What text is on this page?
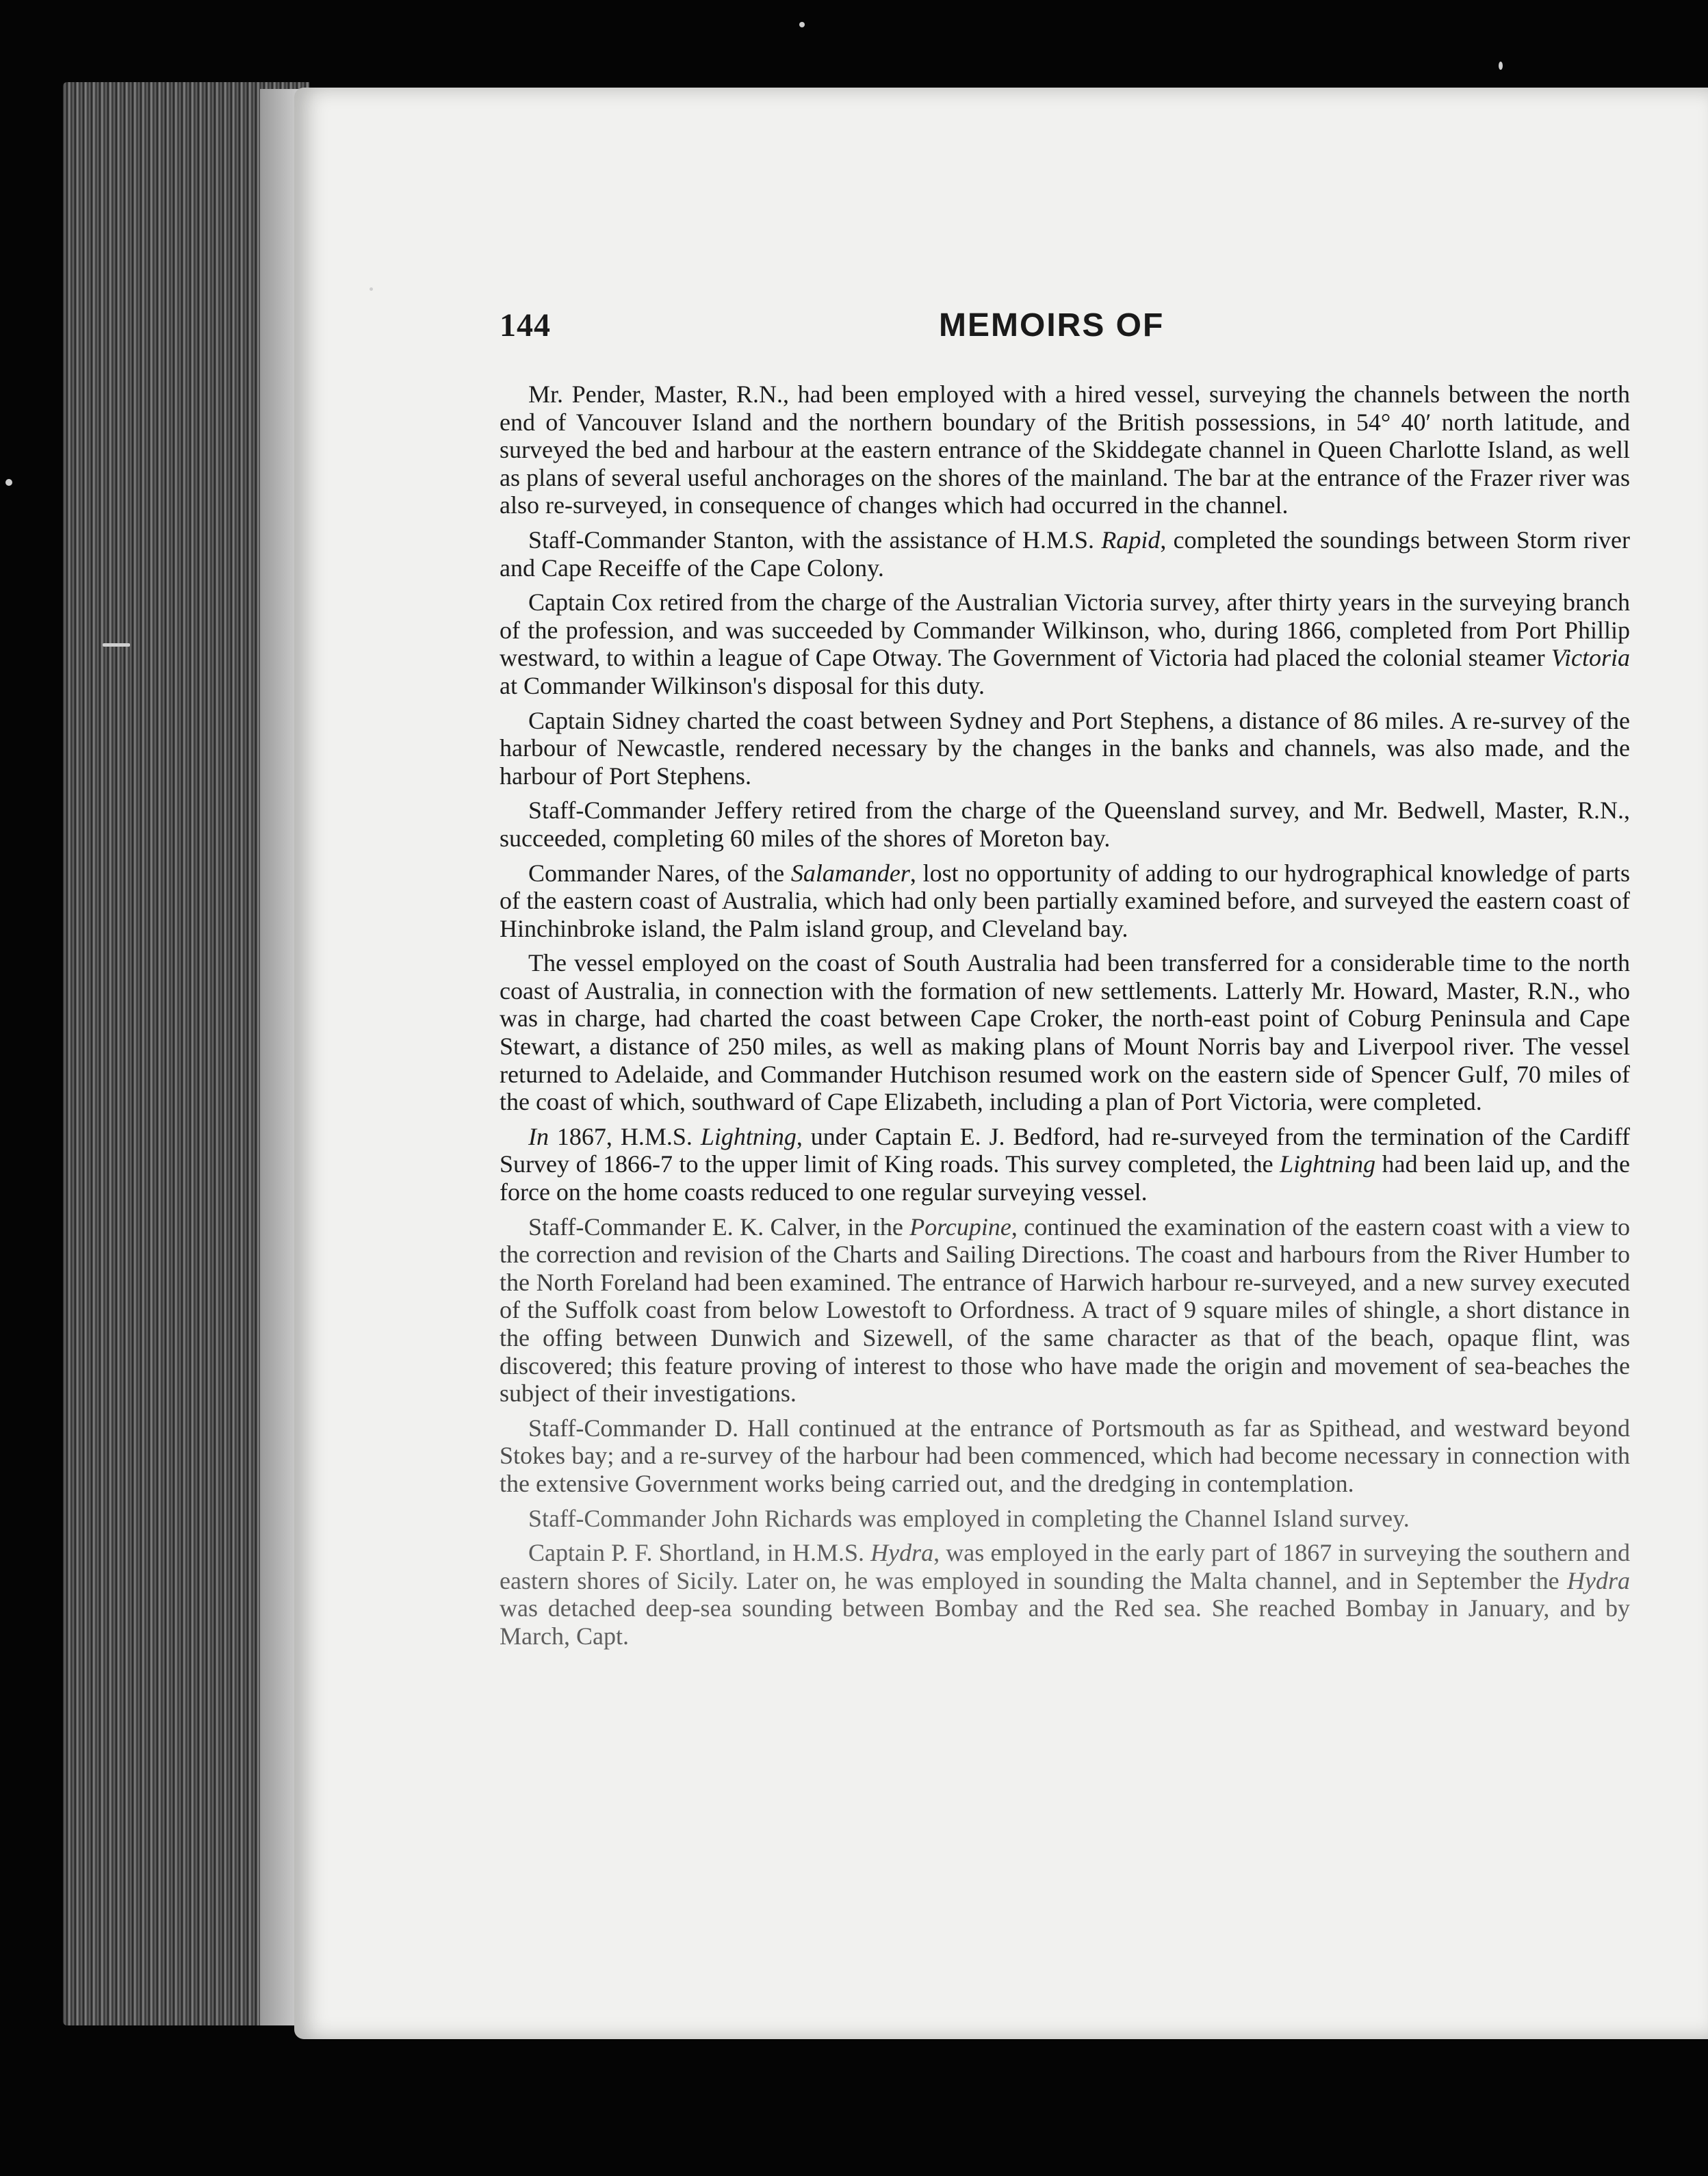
144	MEMOIRS OF

Mr. Pender, Master, R.N., had been employed with a hired vessel, surveying the channels between the north end of Vancouver Island and the northern boundary of the British possessions, in 54° 40′ north latitude, and surveyed the bed and harbour at the eastern entrance of the Skiddegate channel in Queen Charlotte Island, as well as plans of several useful anchorages on the shores of the mainland. The bar at the entrance of the Frazer river was also re-surveyed, in consequence of changes which had occurred in the channel.

Staff-Commander Stanton, with the assistance of H.M.S. Rapid, completed the soundings between Storm river and Cape Receiffe of the Cape Colony.

Captain Cox retired from the charge of the Australian Victoria survey, after thirty years in the surveying branch of the profession, and was succeeded by Commander Wilkinson, who, during 1866, completed from Port Phillip westward, to within a league of Cape Otway. The Government of Victoria had placed the colonial steamer Victoria at Commander Wilkinson's disposal for this duty.

Captain Sidney charted the coast between Sydney and Port Stephens, a distance of 86 miles. A re-survey of the harbour of Newcastle, rendered necessary by the changes in the banks and channels, was also made, and the harbour of Port Stephens.

Staff-Commander Jeffery retired from the charge of the Queensland survey, and Mr. Bedwell, Master, R.N., succeeded, completing 60 miles of the shores of Moreton bay.

Commander Nares, of the Salamander, lost no opportunity of adding to our hydrographical knowledge of parts of the eastern coast of Australia, which had only been partially examined before, and surveyed the eastern coast of Hinchinbroke island, the Palm island group, and Cleveland bay.

The vessel employed on the coast of South Australia had been transferred for a considerable time to the north coast of Australia, in connection with the formation of new settlements. Latterly Mr. Howard, Master, R.N., who was in charge, had charted the coast between Cape Croker, the north-east point of Coburg Peninsula and Cape Stewart, a distance of 250 miles, as well as making plans of Mount Norris bay and Liverpool river. The vessel returned to Adelaide, and Commander Hutchison resumed work on the eastern side of Spencer Gulf, 70 miles of the coast of which, southward of Cape Elizabeth, including a plan of Port Victoria, were completed.

In 1867, H.M.S. Lightning, under Captain E. J. Bedford, had re-surveyed from the termination of the Cardiff Survey of 1866-7 to the upper limit of King roads. This survey completed, the Lightning had been laid up, and the force on the home coasts reduced to one regular surveying vessel.

Staff-Commander E. K. Calver, in the Porcupine, continued the examination of the eastern coast with a view to the correction and revision of the Charts and Sailing Directions. The coast and harbours from the River Humber to the North Foreland had been examined. The entrance of Harwich harbour re-surveyed, and a new survey executed of the Suffolk coast from below Lowestoft to Orfordness. A tract of 9 square miles of shingle, a short distance in the offing between Dunwich and Sizewell, of the same character as that of the beach, opaque flint, was discovered; this feature proving of interest to those who have made the origin and movement of sea-beaches the subject of their investigations.

Staff-Commander D. Hall continued at the entrance of Portsmouth as far as Spithead, and westward beyond Stokes bay; and a re-survey of the harbour had been commenced, which had become necessary in connection with the extensive Government works being carried out, and the dredging in contemplation.

Staff-Commander John Richards was employed in completing the Channel Island survey.

Captain P. F. Shortland, in H.M.S. Hydra, was employed in the early part of 1867 in surveying the southern and eastern shores of Sicily. Later on, he was employed in sounding the Malta channel, and in September the Hydra was detached deep-sea sounding between Bombay and the Red sea. She reached Bombay in January, and by March, Capt.
